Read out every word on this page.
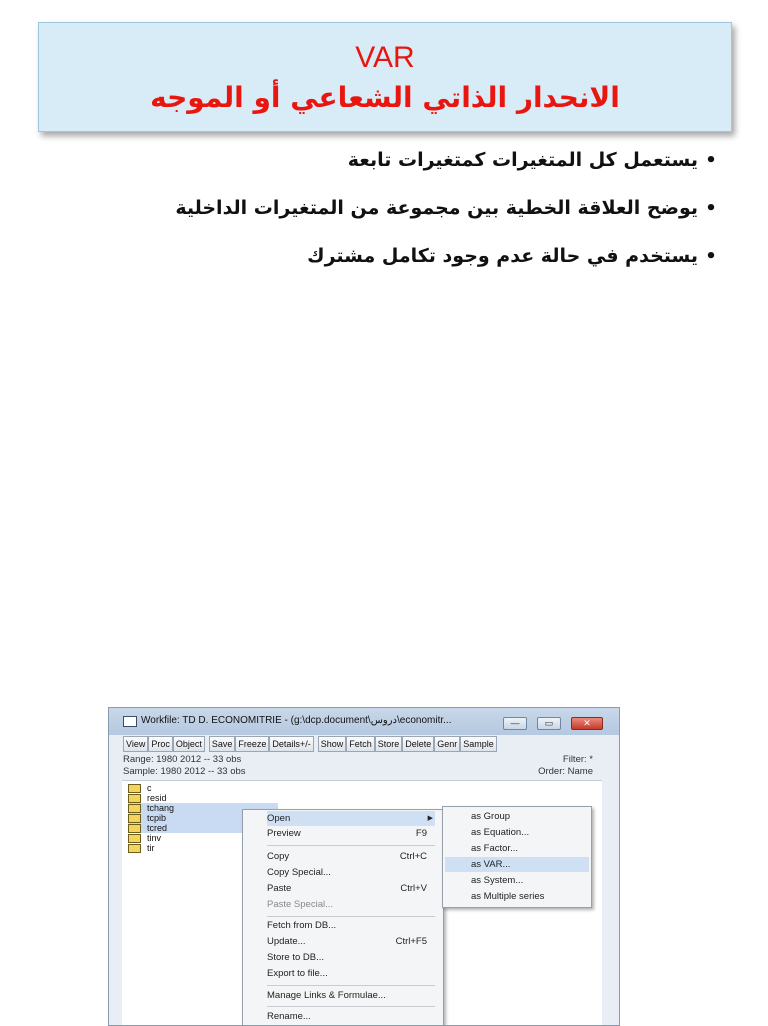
VAR
الانحدار الذاتي الشعاعي أو الموجه
•يستعمل كل المتغيرات كمتغيرات تابعة
•يوضح العلاقة الخطية بين مجموعة من المتغيرات الداخلية
•يستخدم في حالة عدم وجود تكامل مشترك
Workfile: TD D. ECONOMITRIE - (g:\dcp.document\دروس\economitr...	—	▭	✕
View Proc Object Save Freeze Details+/- Show Fetch Store Delete Genr Sample
Range: 1980 2012 -- 33 obs	Filter: *
Sample: 1980 2012 -- 33 obs	Order: Name
c
resid
tchang
tcpib
tcred
tinv
tir
Open	▶
Preview	F9
Copy	Ctrl+C
Copy Special...
Paste	Ctrl+V
Paste Special...
Fetch from DB...
Update...	Ctrl+F5
Store to DB...
Export to file...
Manage Links & Formulae...
Rename...
as Group
as Equation...
as Factor...
as VAR...
as System...
as Multiple series
